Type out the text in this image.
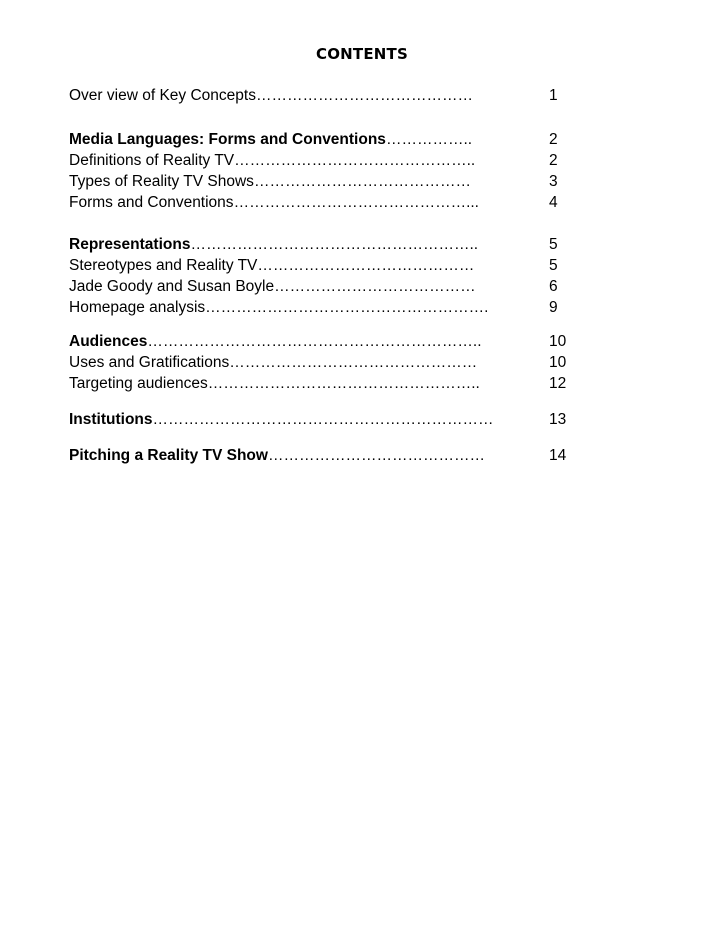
CONTENTS
Over view of Key Concepts……………………………………	1
Media Languages: Forms and Conventions……………..	2
Definitions of Reality TV………………………………………..	2
Types of Reality TV Shows……………………………………	3
Forms and Conventions………………………………………...	4
Representations………………………………………………..	5
Stereotypes and Reality TV……………………………………	5
Jade Goody and Susan Boyle…………………………………	6
Homepage analysis……………………………………………….	9
Audiences………………………………………………………..	10
Uses and Gratifications…………………………………………	10
Targeting audiences……………………………………………..	12
Institutions…………………………………………………………	13
Pitching a Reality TV Show……………………………………	14
